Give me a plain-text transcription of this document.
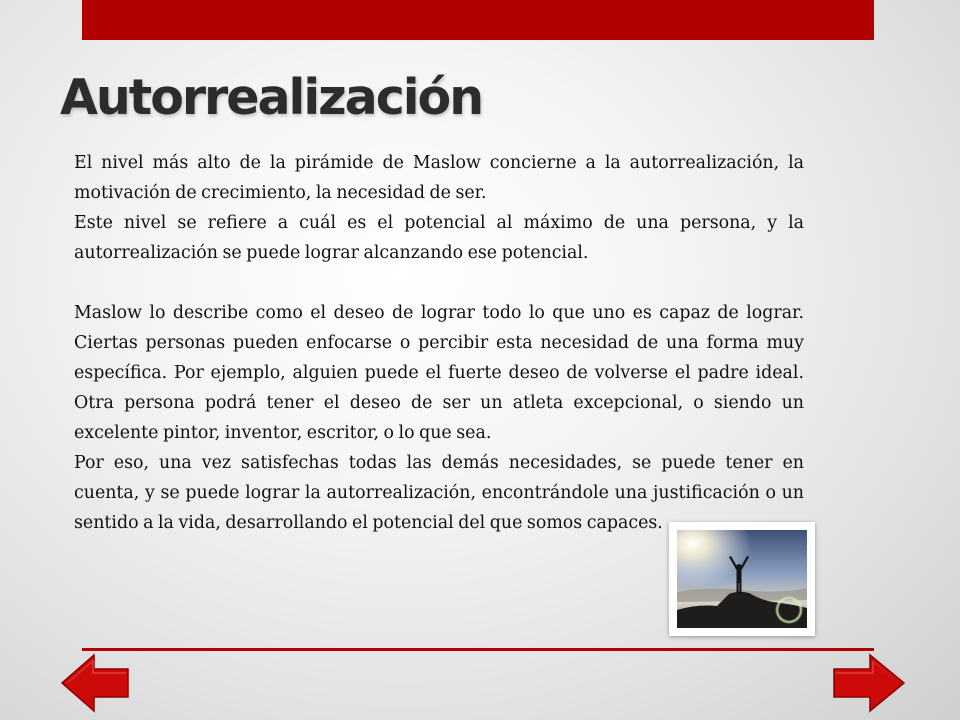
Autorrealización

El nivel más alto de la pirámide de Maslow concierne a la autorrealización, la motivación de crecimiento, la necesidad de ser.

Este nivel se refiere a cuál es el potencial al máximo de una persona, y la autorrealización se puede lograr alcanzando ese potencial.

Maslow lo describe como el deseo de lograr todo lo que uno es capaz de lograr. Ciertas personas pueden enfocarse o percibir esta necesidad de una forma muy específica. Por ejemplo, alguien puede el fuerte deseo de volverse el padre ideal. Otra persona podrá tener el deseo de ser un atleta excepcional, o siendo un excelente pintor, inventor, escritor, o lo que sea.

Por eso, una vez satisfechas todas las demás necesidades, se puede tener en cuenta, y se puede lograr la autorrealización, encontrándole una justificación o un sentido a la vida, desarrollando el potencial del que somos capaces.
